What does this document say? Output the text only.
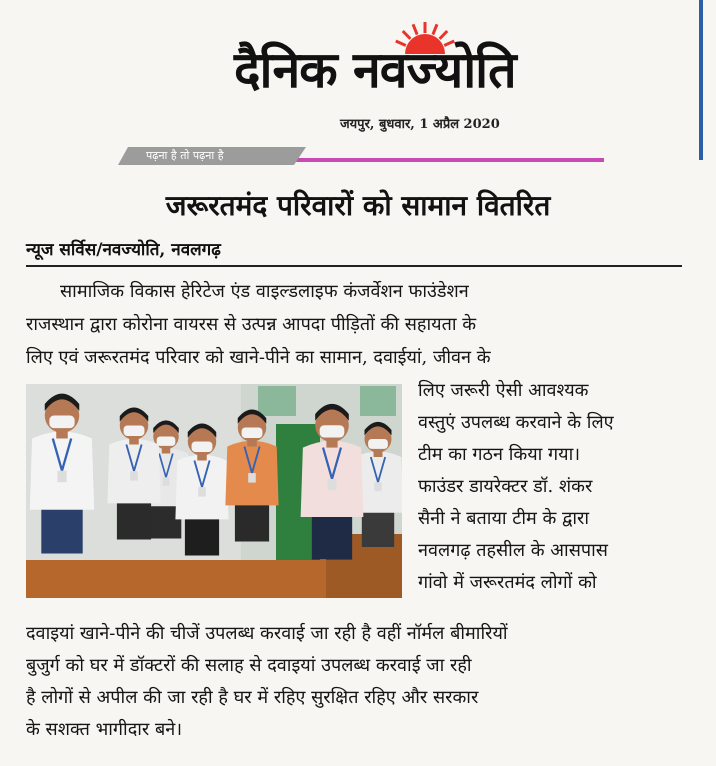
दैनिक नवज्योति
जयपुर, बुधवार, 1 अप्रैल 2020
पढ़ना है तो पढ़ना है
जरूरतमंद परिवारों को सामान वितरित
न्यूज सर्विस/नवज्योति, नवलगढ़
सामाजिक विकास हेरिटेज एंड वाइल्डलाइफ कंजर्वेशन फाउंडेशन
राजस्थान द्वारा कोरोना वायरस से उत्पन्न आपदा पीड़ितों की सहायता के
लिए एवं जरूरतमंद परिवार को खाने-पीने का सामान, दवाईयां, जीवन के
लिए जरूरी ऐसी आवश्यक
वस्तुएं उपलब्ध करवाने के लिए
टीम का गठन किया गया।
फाउंडर डायरेक्टर डॉ. शंकर
सैनी ने बताया टीम के द्वारा
नवलगढ़ तहसील के आसपास
गांवो में जरूरतमंद लोगों को
दवाइयां खाने-पीने की चीजें उपलब्ध करवाई जा रही है वहीं नॉर्मल बीमारियों
बुजुर्ग को घर में डॉक्टरों की सलाह से दवाइयां उपलब्ध करवाई जा रही
है लोगों से अपील की जा रही है घर में रहिए सुरक्षित रहिए और सरकार
के सशक्त भागीदार बने।
